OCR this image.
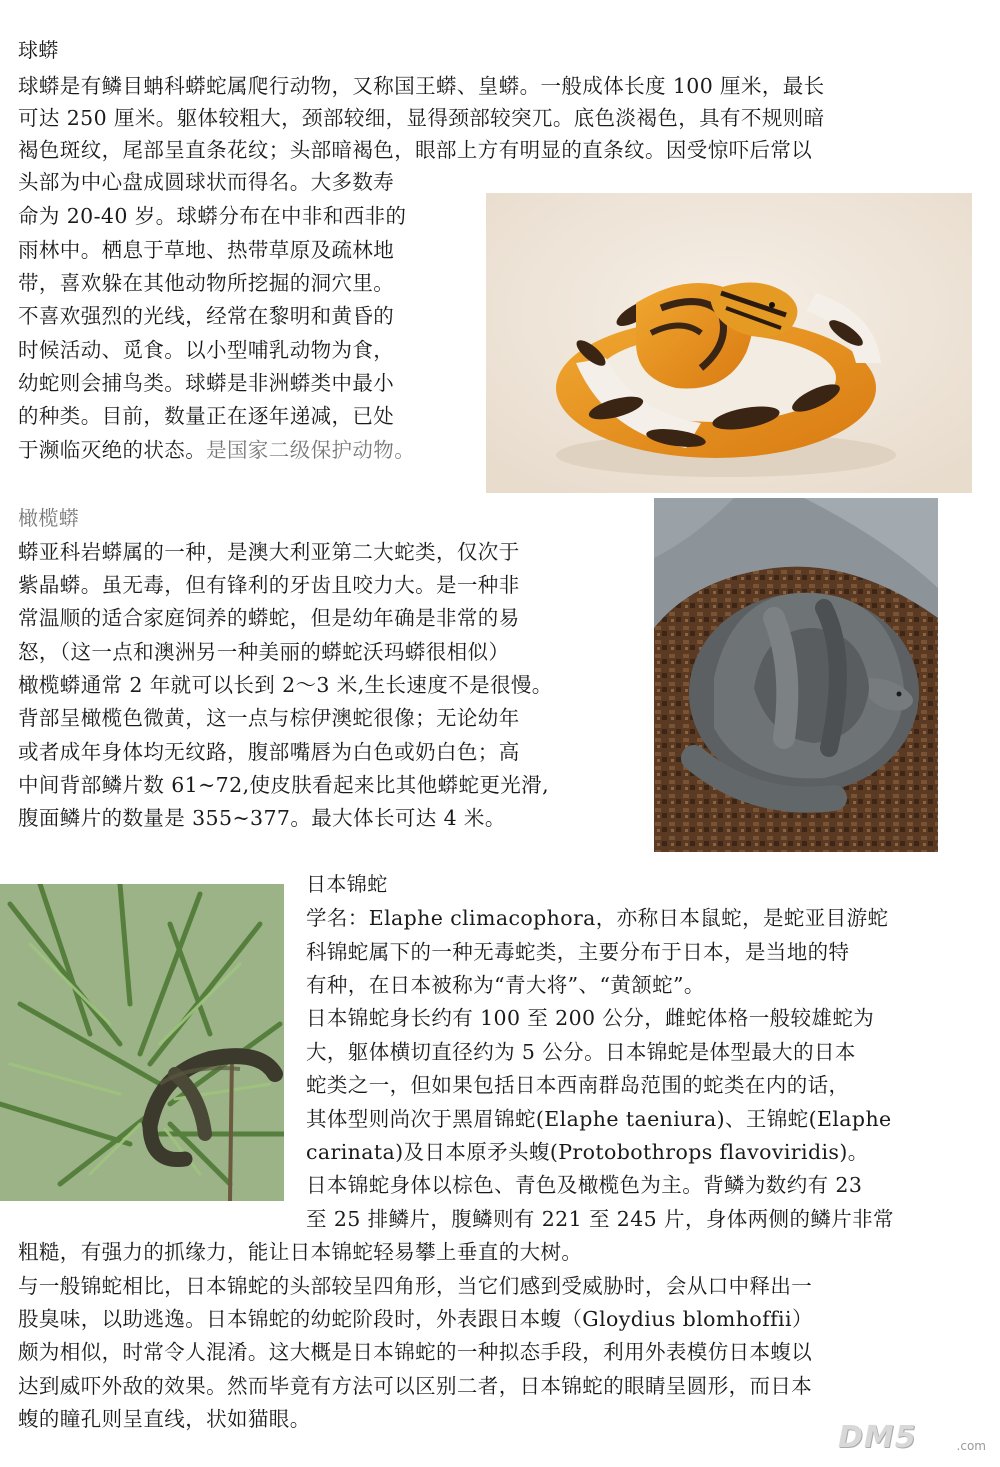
球蟒
球蟒是有鳞目蚺科蟒蛇属爬行动物，又称国王蟒、皇蟒。一般成体长度 100 厘米，最长
可达 250 厘米。躯体较粗大，颈部较细，显得颈部较突兀。底色淡褐色，具有不规则暗
褐色斑纹，尾部呈直条花纹；头部暗褐色，眼部上方有明显的直条纹。因受惊吓后常以
头部为中心盘成圆球状而得名。大多数寿
命为 20-40 岁。球蟒分布在中非和西非的
雨林中。栖息于草地、热带草原及疏林地
带，喜欢躲在其他动物所挖掘的洞穴里。
不喜欢强烈的光线，经常在黎明和黄昏的
时候活动、觅食。以小型哺乳动物为食，
幼蛇则会捕鸟类。球蟒是非洲蟒类中最小
的种类。目前，数量正在逐年递减，已处
于濒临灭绝的状态。是国家二级保护动物。
橄榄蟒
蟒亚科岩蟒属的一种，是澳大利亚第二大蛇类，仅次于
紫晶蟒。虽无毒，但有锋利的牙齿且咬力大。是一种非
常温顺的适合家庭饲养的蟒蛇，但是幼年确是非常的易
怒，（这一点和澳洲另一种美丽的蟒蛇沃玛蟒很相似）
橄榄蟒通常 2 年就可以长到 2～3 米,生长速度不是很慢。
背部呈橄榄色微黄，这一点与棕伊澳蛇很像；无论幼年
或者成年身体均无纹路，腹部嘴唇为白色或奶白色；高
中间背部鳞片数 61~72,使皮肤看起来比其他蟒蛇更光滑,
腹面鳞片的数量是 355~377。最大体长可达 4 米。
日本锦蛇
学名：Elaphe climacophora，亦称日本鼠蛇，是蛇亚目游蛇
科锦蛇属下的一种无毒蛇类，主要分布于日本，是当地的特
有种，在日本被称为“青大将”、“黄颔蛇”。
日本锦蛇身长约有 100 至 200 公分，雌蛇体格一般较雄蛇为
大，躯体横切直径约为 5 公分。日本锦蛇是体型最大的日本
蛇类之一，但如果包括日本西南群岛范围的蛇类在内的话，
其体型则尚次于黑眉锦蛇(Elaphe taeniura)、王锦蛇(Elaphe
carinata)及日本原矛头蝮(Protobothrops flavoviridis)。
日本锦蛇身体以棕色、青色及橄榄色为主。背鳞为数约有 23
至 25 排鳞片，腹鳞则有 221 至 245 片，身体两侧的鳞片非常
粗糙，有强力的抓缘力，能让日本锦蛇轻易攀上垂直的大树。
与一般锦蛇相比，日本锦蛇的头部较呈四角形，当它们感到受威胁时，会从口中释出一
股臭味，以助逃逸。日本锦蛇的幼蛇阶段时，外表跟日本蝮（Gloydius blomhoffii）
颇为相似，时常令人混淆。这大概是日本锦蛇的一种拟态手段，利用外表模仿日本蝮以
达到威吓外敌的效果。然而毕竟有方法可以区别二者，日本锦蛇的眼睛呈圆形，而日本
蝮的瞳孔则呈直线，状如猫眼。
DM5	.com
